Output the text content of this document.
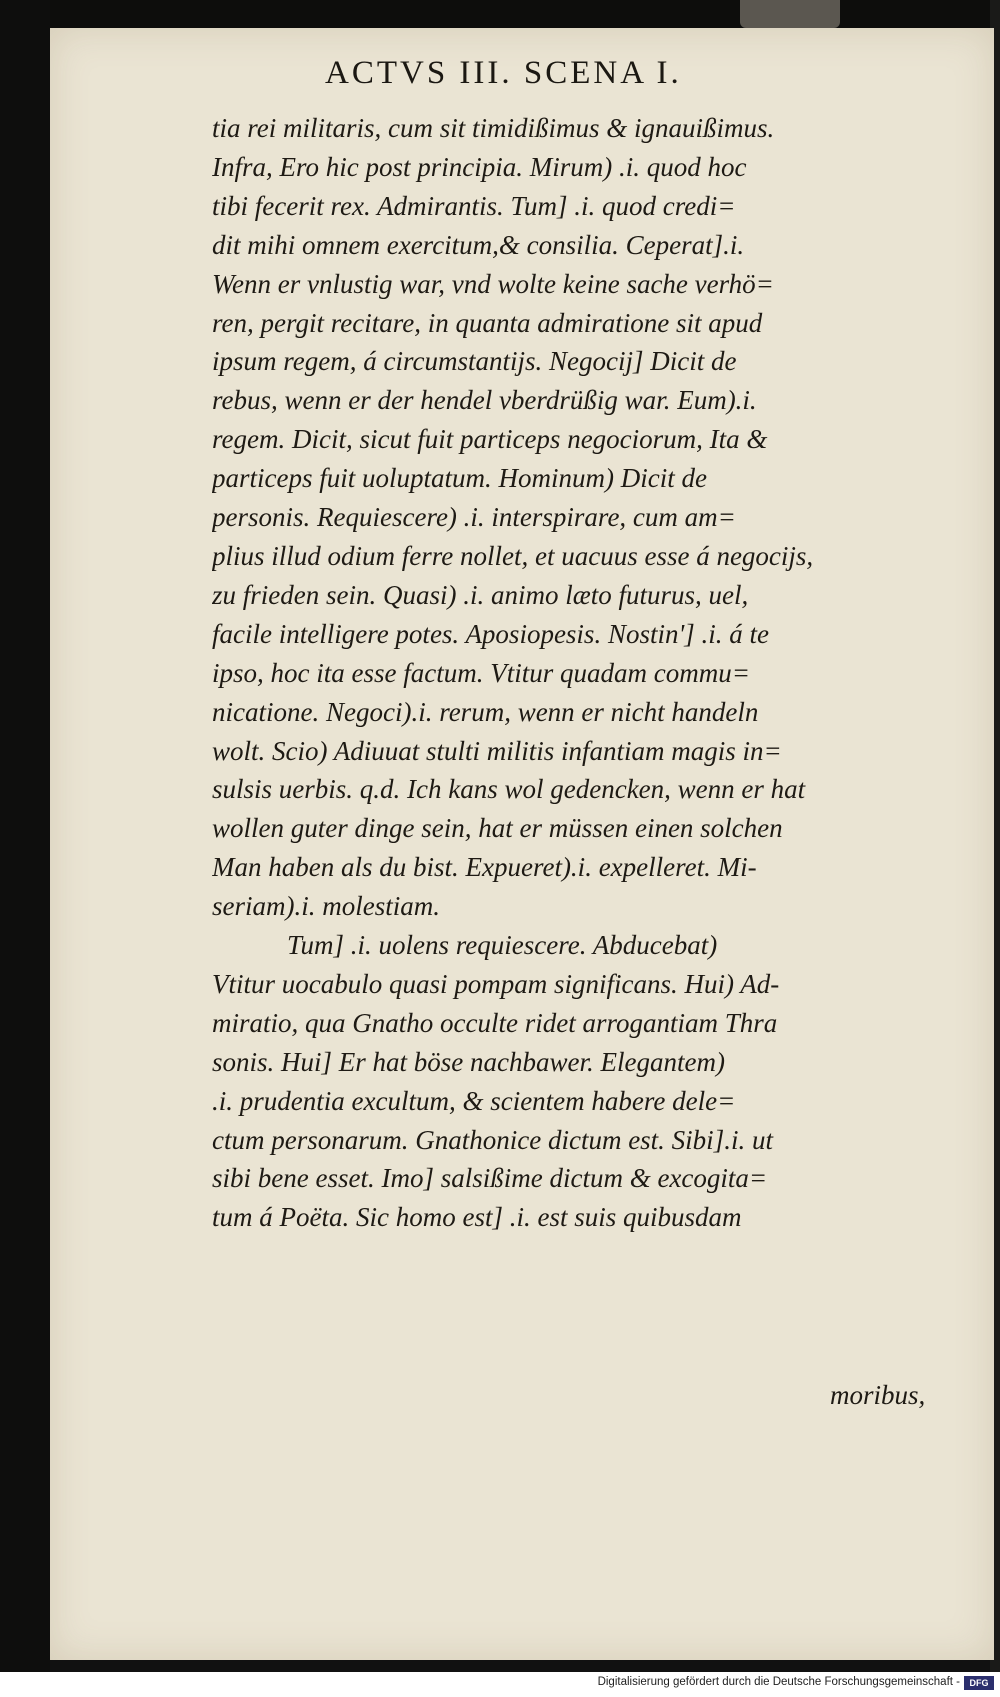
ACTVS III. SCENA I.
tia rei militaris, cum sit timidißimus & ignauißimus.
Infra, Ero hic post principia. Mirum) .i. quod hoc
tibi fecerit rex. Admirantis. Tum] .i. quod credi=
dit mihi omnem exercitum,& consilia. Ceperat].i.
Wenn er vnlustig war, vnd wolte keine sache verhö=
ren, pergit recitare, in quanta admiratione sit apud
ipsum regem, á circumstantijs. Negocij] Dicit de
rebus, wenn er der hendel vberdrüßig war. Eum).i.
regem. Dicit, sicut fuit particeps negociorum, Ita &
particeps fuit uoluptatum. Hominum) Dicit de
personis. Requiescere) .i. interspirare, cum am=
plius illud odium ferre nollet, et uacuus esse á negocijs,
zu frieden sein. Quasi) .i. animo læto futurus, uel,
facile intelligere potes. Aposiopesis. Nostin'] .i. á te
ipso, hoc ita esse factum. Vtitur quadam commu=
nicatione. Negoci).i. rerum, wenn er nicht handeln
wolt. Scio) Adiuuat stulti militis infantiam magis in=
sulsis uerbis. q.d. Ich kans wol gedencken, wenn er hat
wollen guter dinge sein, hat er müssen einen solchen
Man haben als du bist. Expueret).i. expelleret. Mi-
seriam).i. molestiam.
Tum] .i. uolens requiescere. Abducebat)
Vtitur uocabulo quasi pompam significans. Hui) Ad-
miratio, qua Gnatho occulte ridet arrogantiam Thra
sonis. Hui] Er hat böse nachbawer. Elegantem)
.i. prudentia excultum, & scientem habere dele=
ctum personarum. Gnathonice dictum est. Sibi].i. ut
sibi bene esset. Imo] salsißime dictum & excogita=
tum á Poëta. Sic homo est] .i. est suis quibusdam
moribus,
Digitalisierung gefördert durch die Deutsche Forschungsgemeinschaft -	DFG
